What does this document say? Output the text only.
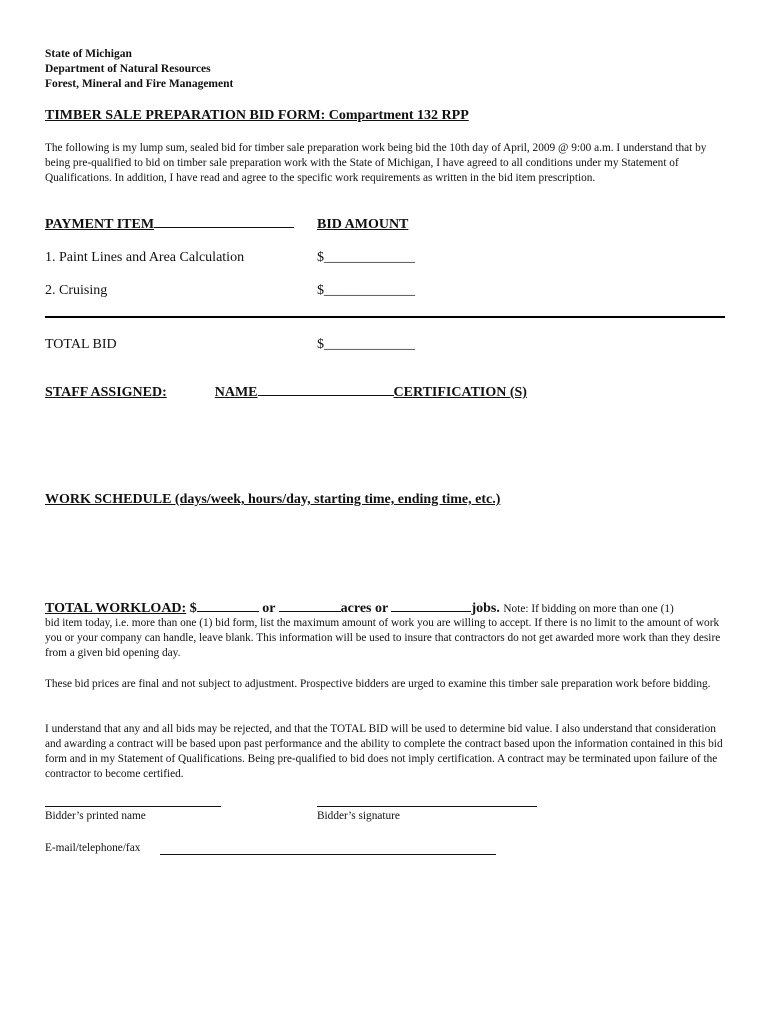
State of Michigan
Department of Natural Resources
Forest, Mineral and Fire Management
TIMBER SALE PREPARATION BID FORM: Compartment 132 RPP
The following is my lump sum, sealed bid for timber sale preparation work being bid the 10th day of April, 2009 @ 9:00 a.m. I understand that by being pre-qualified to bid on timber sale preparation work with the State of Michigan, I have agreed to all conditions under my Statement of Qualifications. In addition, I have read and agree to the specific work requirements as written in the bid item prescription.
PAYMENT ITEM	BID AMOUNT
1. Paint Lines and Area Calculation	$_____________
2. Cruising	$_____________
TOTAL BID	$_____________
STAFF ASSIGNED:	NAME	CERTIFICATION (S)
WORK SCHEDULE (days/week, hours/day, starting time, ending time, etc.)
TOTAL WORKLOAD: $	or	acres or	jobs. Note: If bidding on more than one (1)
bid item today, i.e. more than one (1) bid form, list the maximum amount of work you are willing to accept. If there is no limit to the amount of work you or your company can handle, leave blank. This information will be used to insure that contractors do not get awarded more work than they desire from a given bid opening day.
These bid prices are final and not subject to adjustment. Prospective bidders are urged to examine this timber sale preparation work before bidding.
I understand that any and all bids may be rejected, and that the TOTAL BID will be used to determine bid value. I also understand that consideration and awarding a contract will be based upon past performance and the ability to complete the contract based upon the information contained in this bid form and in my Statement of Qualifications. Being pre-qualified to bid does not imply certification. A contract may be terminated upon failure of the contractor to become certified.
Bidder’s printed name	Bidder’s signature
E-mail/telephone/fax
